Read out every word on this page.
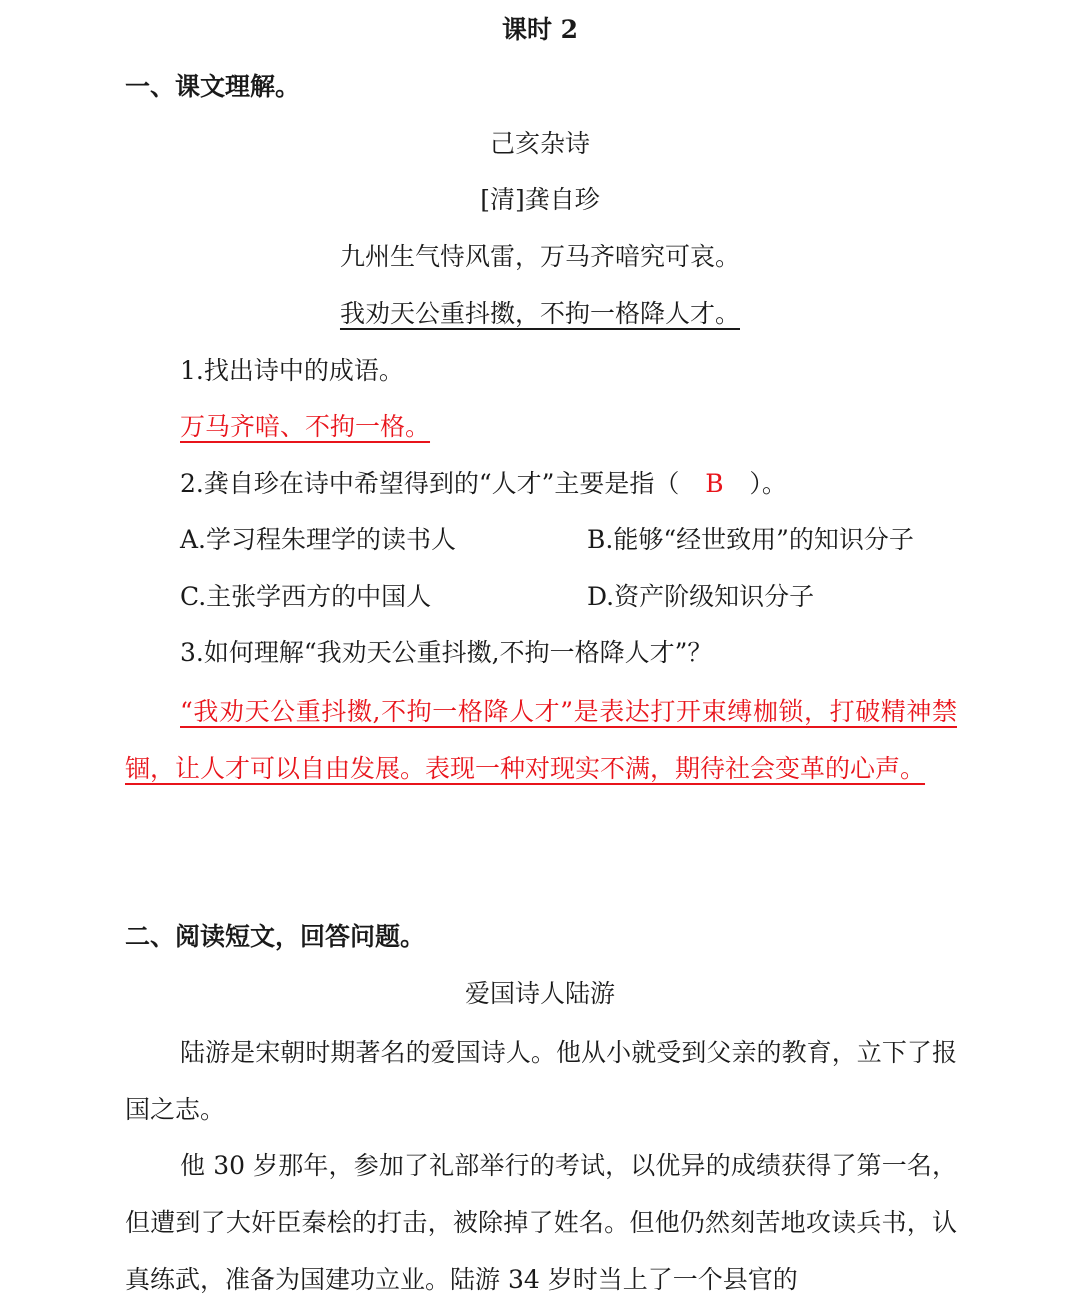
课时 2
一、课文理解。
己亥杂诗
[清]龚自珍
九州生气恃风雷，万马齐喑究可哀。
我劝天公重抖擞，不拘一格降人才。
1.找出诗中的成语。
万马齐喑、不拘一格。
2.龚自珍在诗中希望得到的“人才”主要是指（ B ）。
A.学习程朱理学的读书人	B.能够“经世致用”的知识分子
C.主张学西方的中国人	D.资产阶级知识分子
3.如何理解“我劝天公重抖擞,不拘一格降人才”？
“我劝天公重抖擞,不拘一格降人才”是表达打开束缚枷锁，打破精神禁锢，让人才可以自由发展。表现一种对现实不满，期待社会变革的心声。
二、阅读短文，回答问题。
爱国诗人陆游
陆游是宋朝时期著名的爱国诗人。他从小就受到父亲的教育，立下了报国之志。
他 30 岁那年，参加了礼部举行的考试，以优异的成绩获得了第一名，但遭到了大奸臣秦桧的打击，被除掉了姓名。但他仍然刻苦地攻读兵书，认真练武，准备为国建功立业。陆游 34 岁时当上了一个县官的
